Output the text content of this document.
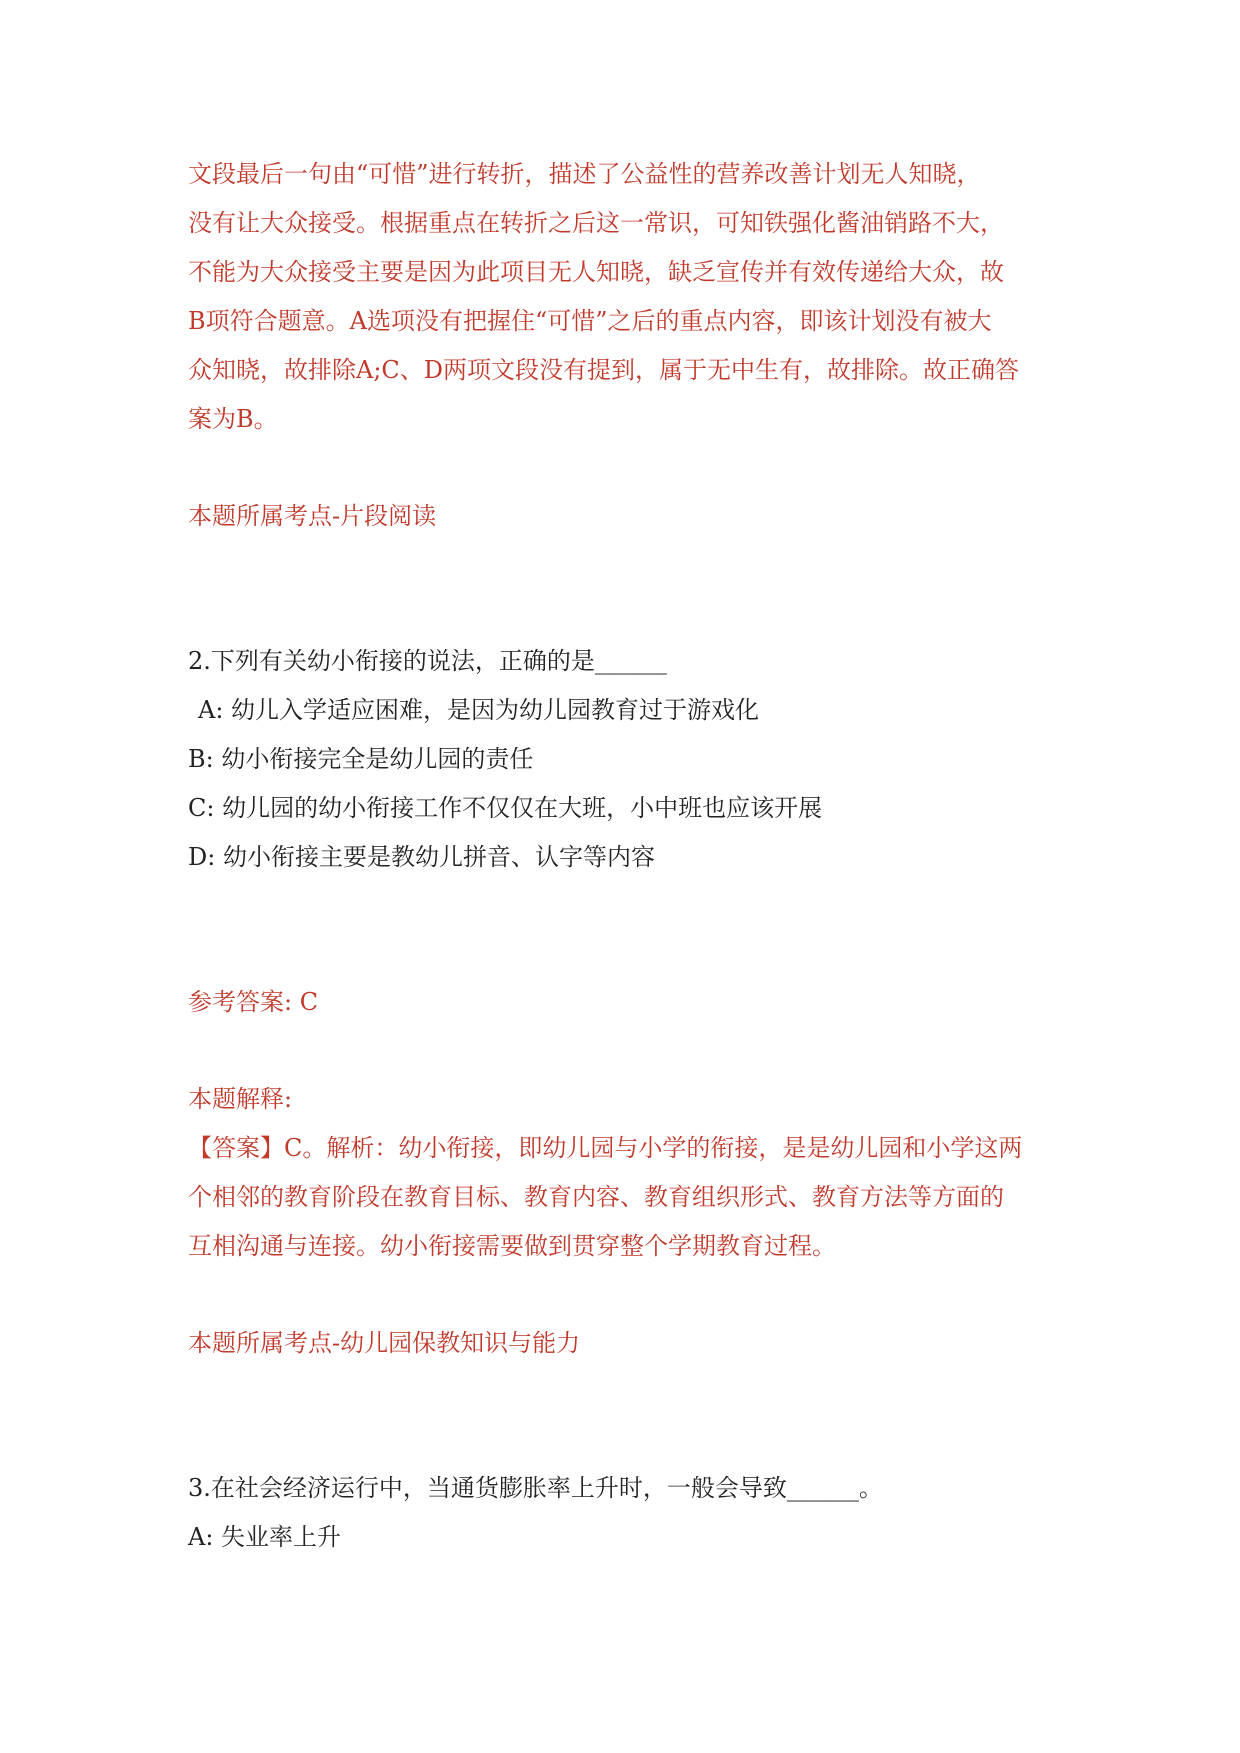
文段最后一句由“可惜”进行转折，描述了公益性的营养改善计划无人知晓，

没有让大众接受。根据重点在转折之后这一常识，可知铁强化酱油销路不大，

不能为大众接受主要是因为此项目无人知晓，缺乏宣传并有效传递给大众，故

B项符合题意。A选项没有把握住“可惜”之后的重点内容，即该计划没有被大

众知晓，故排除A;C、D两项文段没有提到，属于无中生有，故排除。故正确答

案为B。

本题所属考点-片段阅读

2.下列有关幼小衔接的说法，正确的是______

A: 幼儿入学适应困难，是因为幼儿园教育过于游戏化

B: 幼小衔接完全是幼儿园的责任

C: 幼儿园的幼小衔接工作不仅仅在大班，小中班也应该开展

D: 幼小衔接主要是教幼儿拼音、认字等内容

参考答案: C

本题解释:

【答案】C。解析：幼小衔接，即幼儿园与小学的衔接，是是幼儿园和小学这两

个相邻的教育阶段在教育目标、教育内容、教育组织形式、教育方法等方面的

互相沟通与连接。幼小衔接需要做到贯穿整个学期教育过程。

本题所属考点-幼儿园保教知识与能力

3.在社会经济运行中，当通货膨胀率上升时，一般会导致______。

A: 失业率上升
